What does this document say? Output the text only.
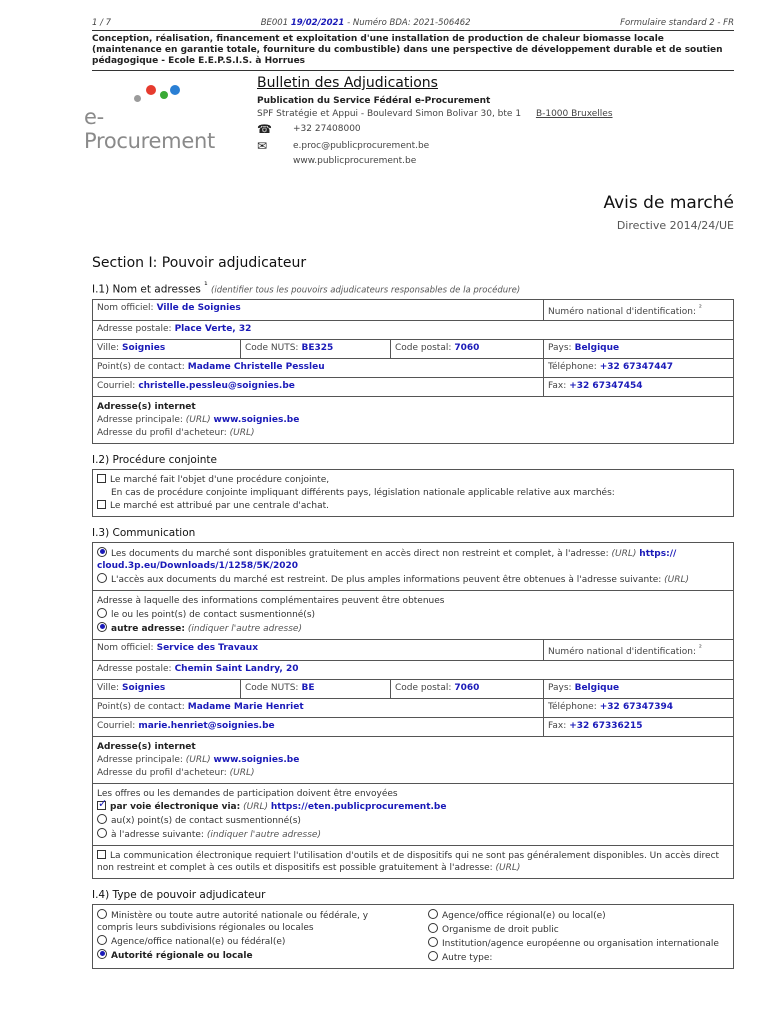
1 / 7	BE001 19/02/2021 - Numéro BDA: 2021-506462	Formulaire standard 2 - FR
Conception, réalisation, financement et exploitation d'une installation de production de chaleur biomasse locale (maintenance en garantie totale, fourniture du combustible) dans une perspective de développement durable et de soutien pédagogique - Ecole E.E.P.S.I.S. à Horrues
e-Procurement
Bulletin des Adjudications
Publication du Service Fédéral e-Procurement
SPF Stratégie et Appui - Boulevard Simon Bolivar 30, bte 1 B-1000 Bruxelles
☎	+32 27408000
✉	e.proc@publicprocurement.be
www.publicprocurement.be
Avis de marché
Directive 2014/24/UE
Section I: Pouvoir adjudicateur
I.1) Nom et adresses $^{^1}$ (identifier tous les pouvoirs adjudicateurs responsables de la procédure)
Nom officiel: Ville de Soignies			Numéro national d'identification: $^{^2}$
Adresse postale: Place Verte, 32			
Ville: Soignies	Code NUTS: BE325	Code postal: 7060	Pays: Belgique
Point(s) de contact: Madame Christelle Pessleu			Téléphone: +32 67347447
Courriel: christelle.pessleu@soignies.be			Fax: +32 67347454

Adresse(s) internet
Adresse principale: (URL) www.soignies.be
Adresse du profil d'acheteur: (URL)			
I.2) Procédure conjointe
Le marché fait l'objet d'une procédure conjointe,
En cas de procédure conjointe impliquant différents pays, législation nationale applicable relative aux marchés:
Le marché est attribué par une centrale d'achat.
I.3) Communication
Les documents du marché sont disponibles gratuitement en accès direct non restreint et complet, à l'adresse: (URL) https:// cloud.3p.eu/Downloads/1/1258/5K/2020
L'accès aux documents du marché est restreint. De plus amples informations peuvent être obtenues à l'adresse suivante: (URL)
Adresse à laquelle des informations complémentaires peuvent être obtenues
le ou les point(s) de contact susmentionné(s)
autre adresse: (indiquer l'autre adresse)
Nom officiel: Service des Travaux			Numéro national d'identification: $^{^2}$
Adresse postale: Chemin Saint Landry, 20			
Ville: Soignies	Code NUTS: BE	Code postal: 7060	Pays: Belgique
Point(s) de contact: Madame Marie Henriet			Téléphone: +32 67347394
Courriel: marie.henriet@soignies.be			Fax: +32 67336215

Adresse(s) internet
Adresse principale: (URL) www.soignies.be
Adresse du profil d'acheteur: (URL)			
Les offres ou les demandes de participation doivent être envoyées
✓par voie électronique via: (URL) https://eten.publicprocurement.be
au(x) point(s) de contact susmentionné(s)
à l'adresse suivante: (indiquer l'autre adresse)
La communication électronique requiert l'utilisation d'outils et de dispositifs qui ne sont pas généralement disponibles. Un accès direct non restreint et complet à ces outils et dispositifs est possible gratuitement à l'adresse: (URL)
I.4) Type de pouvoir adjudicateur
Ministère ou toute autre autorité nationale ou fédérale, y compris leurs subdivisions régionales ou locales
Agence/office national(e) ou fédéral(e)
Autorité régionale ou locale
Agence/office régional(e) ou local(e)
Organisme de droit public
Institution/agence européenne ou organisation internationale
Autre type:
